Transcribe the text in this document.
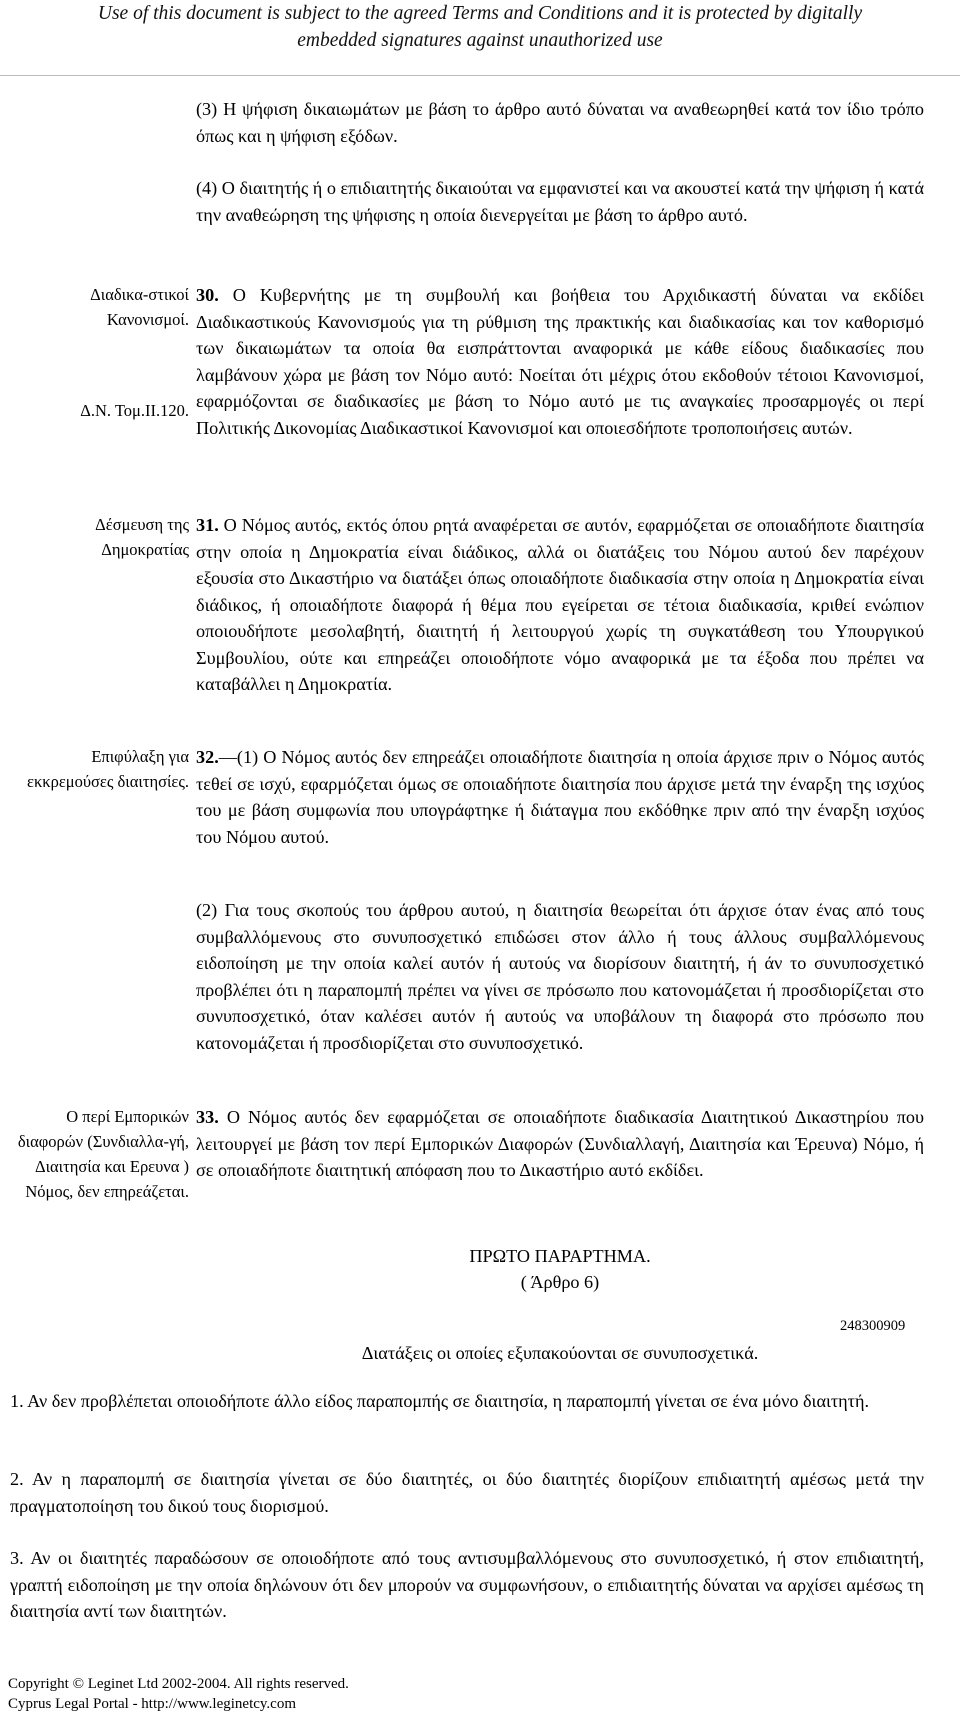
Use of this document is subject to the agreed Terms and Conditions and it is protected by digitally
embedded signatures against unauthorized use

(3) Η ψήφιση δικαιωμάτων με βάση το άρθρο αυτό δύναται να αναθεωρηθεί κατά τον ίδιο τρόπο όπως και η ψήφιση εξόδων.

(4) Ο διαιτητής ή ο επιδιαιτητής δικαιούται να εμφανιστεί και να ακουστεί κατά την ψήφιση ή κατά την αναθεώρηση της ψήφισης η οποία διενεργείται με βάση το άρθρο αυτό.

Διαδικα-στικοί Κανονισμοί.
Δ.Ν. Τομ.ΙΙ.120.

30. Ο Κυβερνήτης με τη συμβουλή και βοήθεια του Αρχιδικαστή δύναται να εκδίδει Διαδικαστικούς Κανονισμούς για τη ρύθμιση της πρακτικής και διαδικασίας και τον καθορισμό των δικαιωμάτων τα οποία θα εισπράττονται αναφορικά με κάθε είδους διαδικασίες που λαμβάνουν χώρα με βάση τον Νόμο αυτό: Νοείται ότι μέχρις ότου εκδοθούν τέτοιοι Κανονισμοί, εφαρμόζονται σε διαδικασίες με βάση το Νόμο αυτό με τις αναγκαίες προσαρμογές οι περί Πολιτικής Δικονομίας Διαδικαστικοί Κανονισμοί και οποιεσδήποτε τροποποιήσεις αυτών.

Δέσμευση της Δημοκρατίας

31. Ο Νόμος αυτός, εκτός όπου ρητά αναφέρεται σε αυτόν, εφαρμόζεται σε οποιαδήποτε διαιτησία στην οποία η Δημοκρατία είναι διάδικος, αλλά οι διατάξεις του Νόμου αυτού δεν παρέχουν εξουσία στο Δικαστήριο να διατάξει όπως οποιαδήποτε διαδικασία στην οποία η Δημοκρατία είναι διάδικος, ή οποιαδήποτε διαφορά ή θέμα που εγείρεται σε τέτοια διαδικασία, κριθεί ενώπιον οποιουδήποτε μεσολαβητή, διαιτητή ή λειτουργού χωρίς τη συγκατάθεση του Υπουργικού Συμβουλίου, ούτε και επηρεάζει οποιοδήποτε νόμο αναφορικά με τα έξοδα που πρέπει να καταβάλλει η Δημοκρατία.

Επιφύλαξη για εκκρεμούσες διαιτησίες.

32.—(1) Ο Νόμος αυτός δεν επηρεάζει οποιαδήποτε διαιτησία η οποία άρχισε πριν ο Νόμος αυτός τεθεί σε ισχύ, εφαρμόζεται όμως σε οποιαδήποτε διαιτησία που άρχισε μετά την έναρξη της ισχύος του με βάση συμφωνία που υπογράφτηκε ή διάταγμα που εκδόθηκε πριν από την έναρξη ισχύος του Νόμου αυτού.

(2) Για τους σκοπούς του άρθρου αυτού, η διαιτησία θεωρείται ότι άρχισε όταν ένας από τους συμβαλλόμενους στο συνυποσχετικό επιδώσει στον άλλο ή τους άλλους συμβαλλόμενους ειδοποίηση με την οποία καλεί αυτόν ή αυτούς να διορίσουν διαιτητή, ή άν το συνυποσχετικό προβλέπει ότι η παραπομπή πρέπει να γίνει σε πρόσωπο που κατονομάζεται ή προσδιορίζεται στο συνυποσχετικό, όταν καλέσει αυτόν ή αυτούς να υποβάλουν τη διαφορά στο πρόσωπο που κατονομάζεται ή προσδιορίζεται στο συνυποσχετικό.

Ο περί Εμπορικών διαφορών (Συνδιαλλα-γή, Διαιτησία και Ερευνα ) Νόμος, δεν επηρεάζεται.

33. Ο Νόμος αυτός δεν εφαρμόζεται σε οποιαδήποτε διαδικασία Διαιτητικού Δικαστηρίου που λειτουργεί με βάση τον περί Εμπορικών Διαφορών (Συνδιαλλαγή, Διαιτησία και Έρευνα) Νόμο, ή σε οποιαδήποτε διαιτητική απόφαση που το Δικαστήριο αυτό εκδίδει.

ΠΡΩΤΟ ΠΑΡΑΡΤΗΜΑ.
( Άρθρο 6)
248300909
Διατάξεις οι οποίες εξυπακούονται σε συνυποσχετικά.

1. Αν δεν προβλέπεται οποιοδήποτε άλλο είδος παραπομπής σε διαιτησία, η παραπομπή γίνεται σε ένα μόνο διαιτητή.

2. Αν η παραπομπή σε διαιτησία γίνεται σε δύο διαιτητές, οι δύο διαιτητές διορίζουν επιδιαιτητή αμέσως μετά την πραγματοποίηση του δικού τους διορισμού.

3. Αν οι διαιτητές παραδώσουν σε οποιοδήποτε από τους αντισυμβαλλόμενους στο συνυποσχετικό, ή στον επιδιαιτητή, γραπτή ειδοποίηση με την οποία δηλώνουν ότι δεν μπορούν να συμφωνήσουν, ο επιδιαιτητής δύναται να αρχίσει αμέσως τη διαιτησία αντί των διαιτητών.

Copyright © Leginet Ltd 2002-2004. All rights reserved.
Cyprus Legal Portal - http://www.leginetcy.com
